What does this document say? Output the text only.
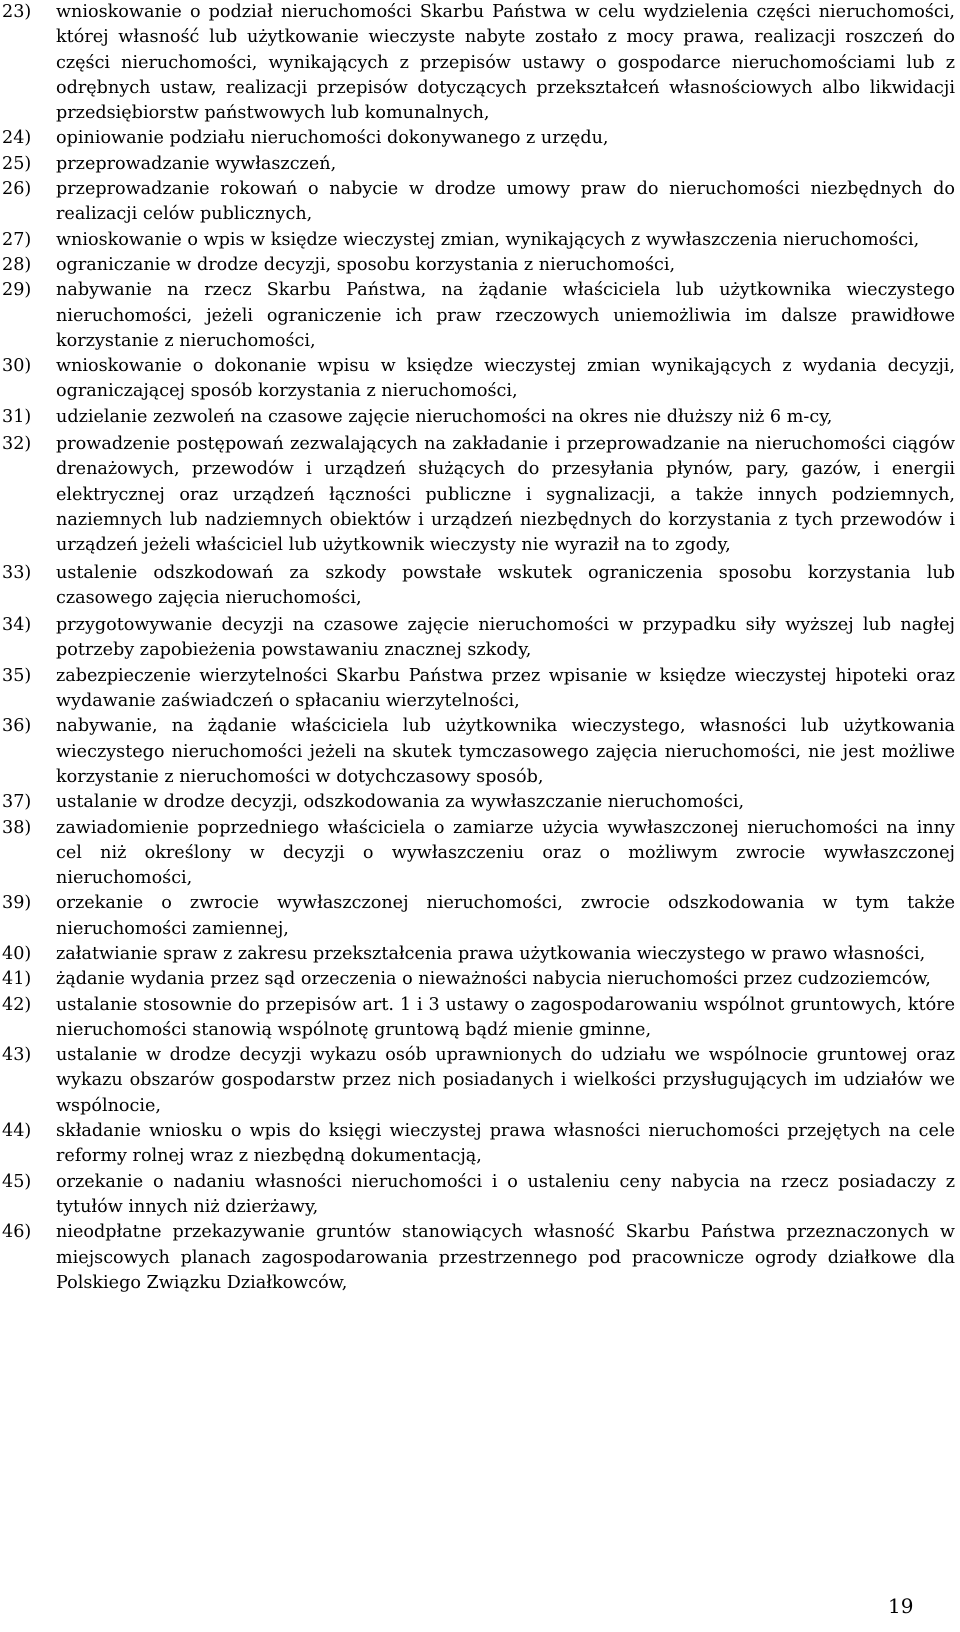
23)	wnioskowanie o podział nieruchomości Skarbu Państwa w celu wydzielenia części nieruchomości, której własność lub użytkowanie wieczyste nabyte zostało z mocy prawa, realizacji roszczeń do części nieruchomości, wynikających z przepisów ustawy o gospodarce nieruchomościami lub z odrębnych ustaw, realizacji przepisów dotyczących przekształceń własnościowych albo likwidacji przedsiębiorstw państwowych lub komunalnych,
24)	opiniowanie podziału nieruchomości dokonywanego z urzędu,
25)	przeprowadzanie wywłaszczeń,
26)	przeprowadzanie rokowań o nabycie w drodze umowy praw do nieruchomości niezbędnych do realizacji celów publicznych,
27)	wnioskowanie o wpis w księdze wieczystej zmian, wynikających z wywłaszczenia nieruchomości,
28)	ograniczanie w drodze decyzji, sposobu korzystania z nieruchomości,
29)	nabywanie na rzecz Skarbu Państwa, na żądanie właściciela lub użytkownika wieczystego nieruchomości, jeżeli ograniczenie ich praw rzeczowych uniemożliwia im dalsze prawidłowe korzystanie z nieruchomości,
30)	wnioskowanie o dokonanie wpisu w księdze wieczystej zmian wynikających z wydania decyzji, ograniczającej sposób korzystania z nieruchomości,
31)	udzielanie zezwoleń na czasowe zajęcie nieruchomości na okres nie dłuższy niż 6 m-cy,
32)	prowadzenie postępowań zezwalających na zakładanie i przeprowadzanie na nieruchomości ciągów drenażowych, przewodów i urządzeń służących do przesyłania płynów, pary, gazów, i energii elektrycznej oraz urządzeń łączności publiczne i sygnalizacji, a także innych podziemnych, naziemnych lub nadziemnych obiektów i urządzeń niezbędnych do korzystania z tych przewodów i urządzeń jeżeli właściciel lub użytkownik wieczysty nie wyraził na to zgody,
33)	ustalenie odszkodowań za szkody powstałe wskutek ograniczenia sposobu korzystania lub czasowego zajęcia nieruchomości,
34)	przygotowywanie decyzji na czasowe zajęcie nieruchomości w przypadku siły wyższej lub nagłej potrzeby zapobieżenia powstawaniu znacznej szkody,
35)	zabezpieczenie wierzytelności Skarbu Państwa przez wpisanie w księdze wieczystej hipoteki oraz wydawanie zaświadczeń o spłacaniu wierzytelności,
36)	nabywanie, na żądanie właściciela lub użytkownika wieczystego, własności lub użytkowania wieczystego nieruchomości jeżeli na skutek tymczasowego zajęcia nieruchomości, nie jest możliwe korzystanie z nieruchomości w dotychczasowy sposób,
37)	ustalanie w drodze decyzji, odszkodowania za wywłaszczanie nieruchomości,
38)	zawiadomienie poprzedniego właściciela o zamiarze użycia wywłaszczonej nieruchomości na inny cel niż określony w decyzji o wywłaszczeniu oraz o możliwym zwrocie wywłaszczonej nieruchomości,
39)	orzekanie o zwrocie wywłaszczonej nieruchomości, zwrocie odszkodowania w tym także nieruchomości zamiennej,
40)	załatwianie spraw z zakresu przekształcenia prawa użytkowania wieczystego w prawo własności,
41)	żądanie wydania przez sąd orzeczenia o nieważności nabycia nieruchomości przez cudzoziemców,
42)	ustalanie stosownie do przepisów art. 1 i 3 ustawy o zagospodarowaniu wspólnot gruntowych, które nieruchomości stanowią wspólnotę gruntową bądź mienie gminne,
43)	ustalanie w drodze decyzji wykazu osób uprawnionych do udziału we wspólnocie gruntowej oraz wykazu obszarów gospodarstw przez nich posiadanych i wielkości przysługujących im udziałów we wspólnocie,
44)	składanie wniosku o wpis do księgi wieczystej prawa własności nieruchomości przejętych na cele reformy rolnej wraz z niezbędną dokumentacją,
45)	orzekanie o nadaniu własności nieruchomości i o ustaleniu ceny nabycia na rzecz posiadaczy z tytułów innych niż dzierżawy,
46)	nieodpłatne przekazywanie gruntów stanowiących własność Skarbu Państwa przeznaczonych w miejscowych planach zagospodarowania przestrzennego pod pracownicze ogrody działkowe dla Polskiego Związku Działkowców,
19
